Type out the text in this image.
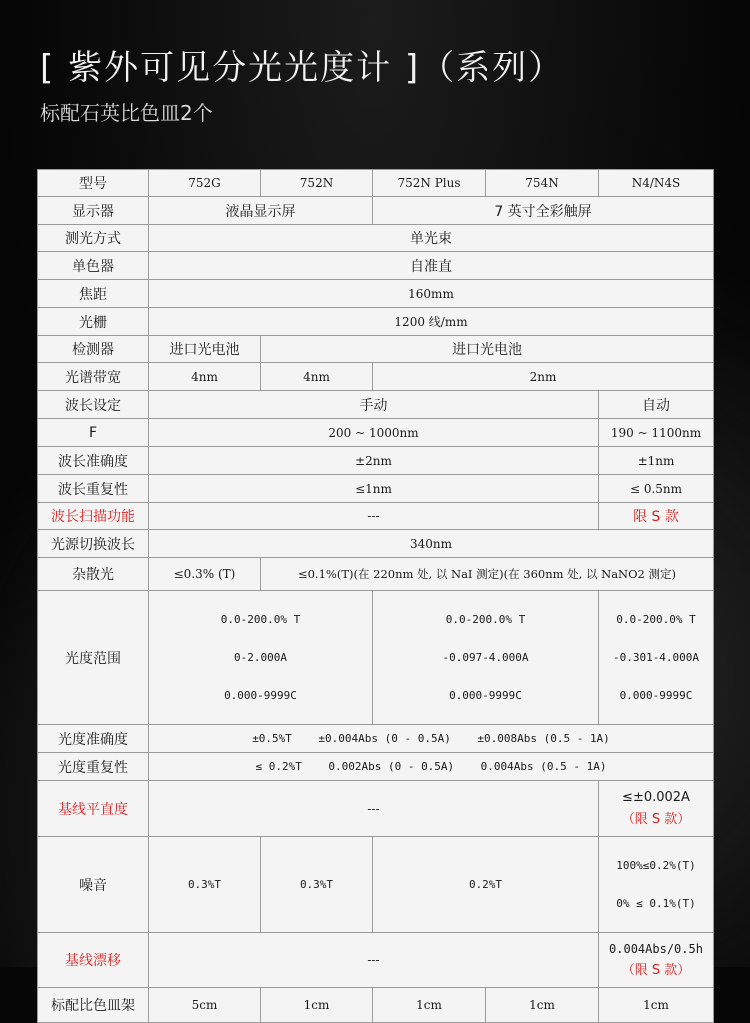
[ 紫外可见分光光度计 ]（系列）
标配石英比色皿2个
型号	752G	752N	752N Plus	754N	N4/N4S
显示器	液晶显示屏		7 英寸全彩触屏		
测光方式	单光束				
单色器	自准直				
焦距	160mm				
光栅	1200 线/mm				
检测器	进口光电池	进口光电池			
光谱带宽	4nm	4nm	2nm		
波长设定	手动				自动
F	200 ~ 1000nm				190 ~ 1100nm
波长准确度	±2nm				±1nm
波长重复性	≤1nm				≤ 0.5nm
波长扫描功能	---				限 S 款
光源切换波长	340nm				
杂散光	≤0.3% (T)	≤0.1%(T)(在 220nm 处, 以 NaI 测定)(在 360nm 处, 以 NaNO2 测定)			
光度范围	0.0-200.0% T

0-2.000A

0.000-9999C		0.0-200.0% T

-0.097-4.000A

0.000-9999C		0.0-200.0% T

-0.301-4.000A

0.000-9999C

光度准确度	±0.5%T    ±0.004Abs (0 - 0.5A)    ±0.008Abs (0.5 - 1A)				
光度重复性	≤ 0.2%T    0.002Abs (0 - 0.5A)    0.004Abs (0.5 - 1A)				
基线平直度	---				≤±0.002A
（限 S 款）

噪音	0.3%T	0.3%T	0.2%T		100%≤0.2%(T)

0% ≤ 0.1%(T)

基线漂移	---				0.004Abs/0.5h
（限 S 款）

标配比色皿架	5cm	1cm	1cm	1cm	1cm
